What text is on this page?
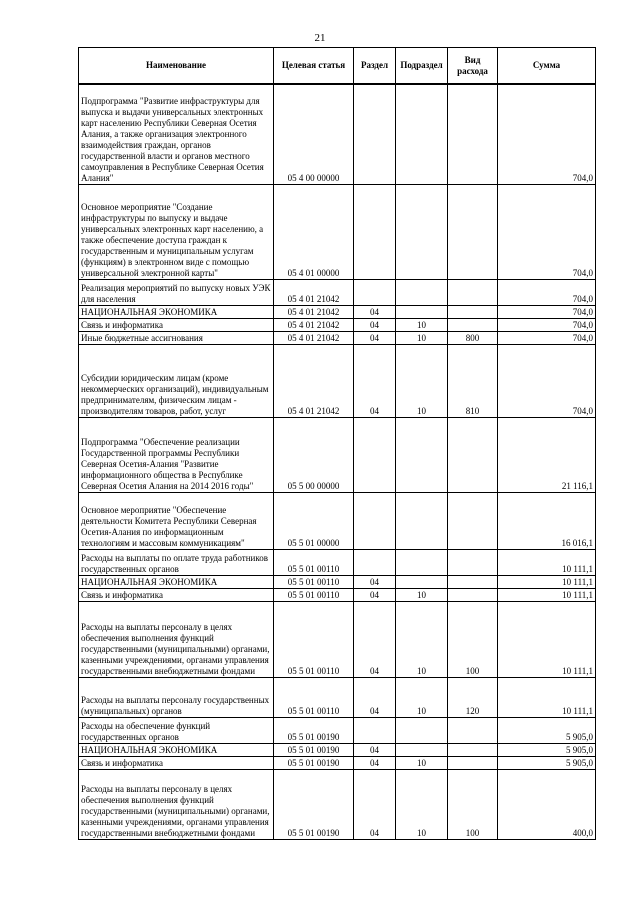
21
Наименование	Целевая статья	Раздел	Подраздел	Вид расхода	Сумма
Подпрограмма "Развитие инфраструктуры для выпуска и выдачи универсальных электронных карт населению Республики Северная Осетия Алания, а также организация электронного взаимодействия граждан, органов государственной власти и органов местного самоуправления в Республике Северная Осетия Алания"	05 4 00 00000				704,0
Основное мероприятие "Создание инфраструктуры по выпуску и выдаче универсальных электронных карт населению, а также обеспечение доступа граждан к государственным и муниципальным услугам (функциям) в электронном виде с помощью универсальной электронной карты"	05 4 01 00000				704,0
Реализация мероприятий по выпуску новых УЭК для населения	05 4 01 21042				704,0
НАЦИОНАЛЬНАЯ ЭКОНОМИКА	05 4 01 21042	04			704,0
Связь и информатика	05 4 01 21042	04	10		704,0
Иные бюджетные ассигнования	05 4 01 21042	04	10	800	704,0
Субсидии юридическим лицам (кроме некоммерческих организаций), индивидуальным предпринимателям, физическим лицам - производителям товаров, работ, услуг	05 4 01 21042	04	10	810	704,0
Подпрограмма "Обеспечение реализации Государственной программы Республики Северная Осетия-Алания "Развитие информационного общества в Республике Северная Осетия Алания на 2014 2016 годы"	05 5 00 00000				21 116,1
Основное мероприятие "Обеспечение деятельности Комитета Республики Северная Осетия-Алания по информационным технологиям и массовым коммуникациям"	05 5 01 00000				16 016,1
Расходы на выплаты по оплате труда работников государственных органов	05 5 01 00110				10 111,1
НАЦИОНАЛЬНАЯ ЭКОНОМИКА	05 5 01 00110	04			10 111,1
Связь и информатика	05 5 01 00110	04	10		10 111,1
Расходы на выплаты персоналу в целях обеспечения выполнения функций государственными (муниципальными) органами, казенными учреждениями, органами управления государственными внебюджетными фондами	05 5 01 00110	04	10	100	10 111,1
Расходы на выплаты персоналу государственных (муниципальных) органов	05 5 01 00110	04	10	120	10 111,1
Расходы на обеспечение функций государственных органов	05 5 01 00190				5 905,0
НАЦИОНАЛЬНАЯ ЭКОНОМИКА	05 5 01 00190	04			5 905,0
Связь и информатика	05 5 01 00190	04	10		5 905,0
Расходы на выплаты персоналу в целях обеспечения выполнения функций государственными (муниципальными) органами, казенными учреждениями, органами управления государственными внебюджетными фондами	05 5 01 00190	04	10	100	400,0
